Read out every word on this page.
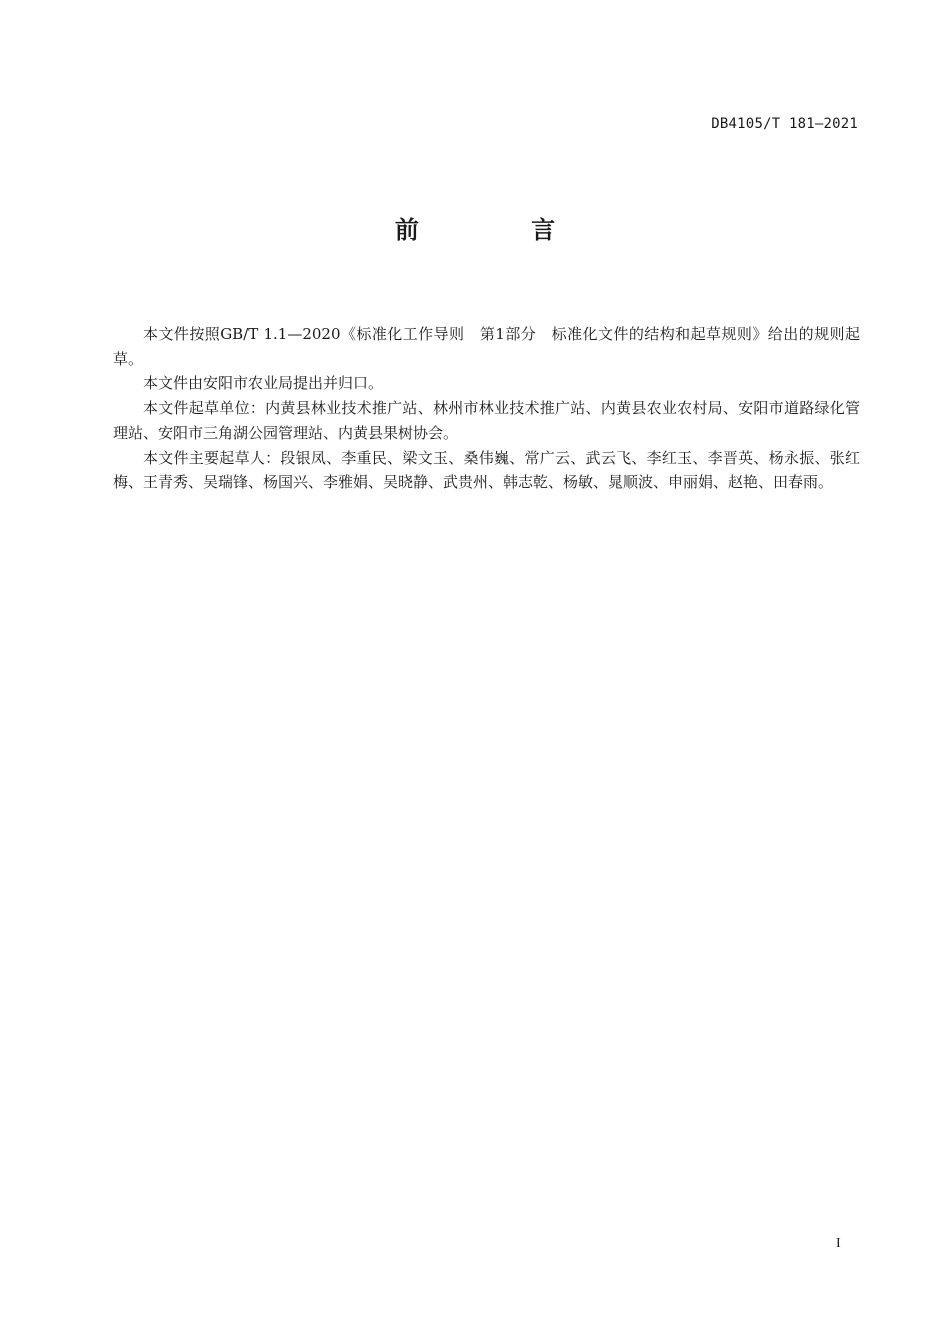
DB4105/T 181—2021
前 言

本文件按照GB/T 1.1—2020《标准化工作导则　第1部分　标准化文件的结构和起草规则》给出的规则起草。

本文件由安阳市农业局提出并归口。

本文件起草单位：内黄县林业技术推广站、林州市林业技术推广站、内黄县农业农村局、安阳市道路绿化管理站、安阳市三角湖公园管理站、内黄县果树协会。

本文件主要起草人：段银凤、李重民、梁文玉、桑伟巍、常广云、武云飞、李红玉、李晋英、杨永振、张红梅、王青秀、吴瑞锋、杨国兴、李雅娟、吴晓静、武贵州、韩志乾、杨敏、晁顺波、申丽娟、赵艳、田春雨。

I
